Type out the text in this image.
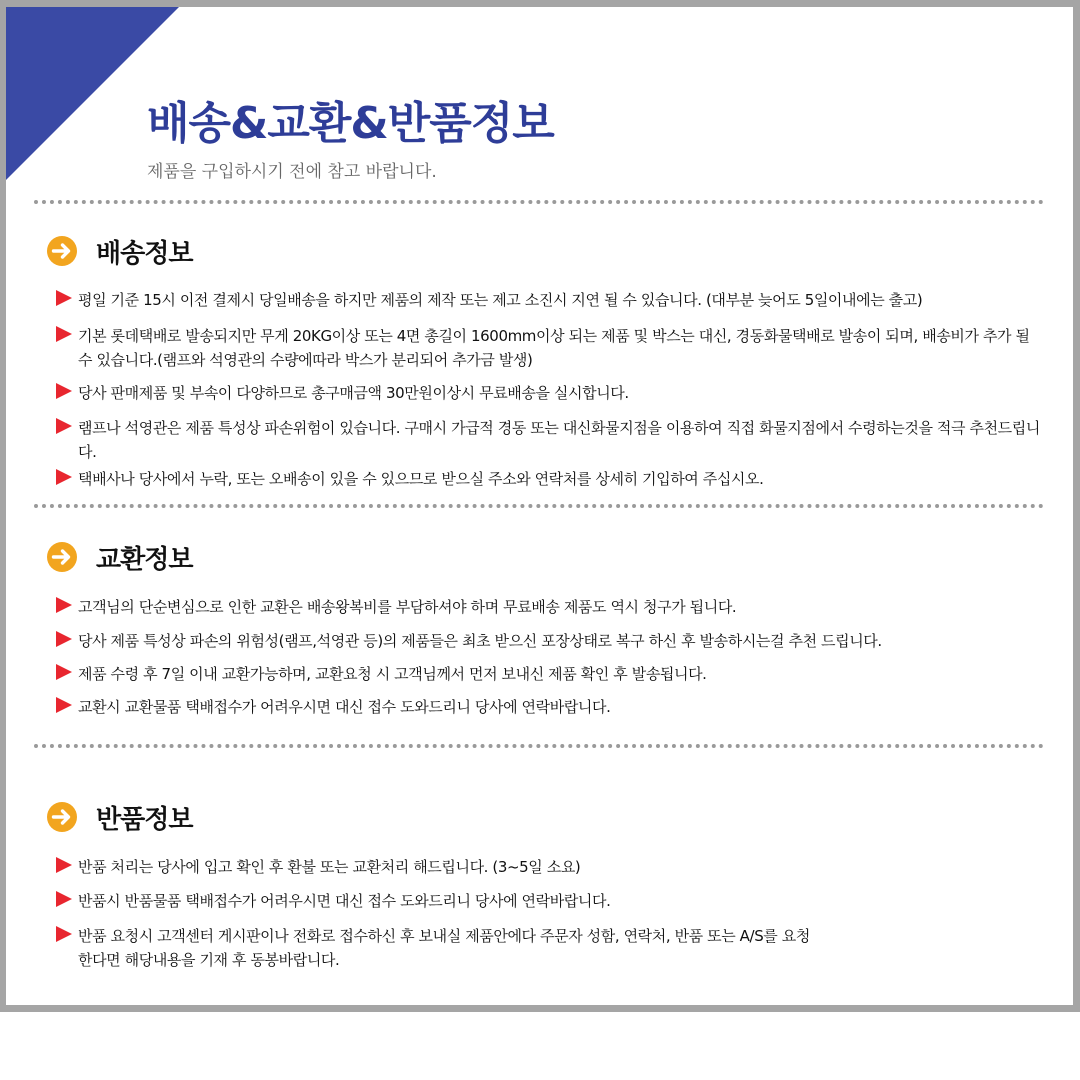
배송&교환&반품정보
제품을 구입하시기 전에 참고 바랍니다.
배송정보
평일 기준 15시 이전 결제시 당일배송을 하지만 제품의 제작 또는 제고 소진시 지연 될 수 있습니다. (대부분 늦어도 5일이내에는 출고)
기본 롯데택배로 발송되지만 무게 20KG이상 또는 4면 총길이 1600mm이상 되는 제품 및 박스는 대신, 경동화물택배로 발송이 되며, 배송비가 추가 될 수 있습니다.(램프와 석영관의 수량에따라 박스가 분리되어 추가금 발생)
당사 판매제품 및 부속이 다양하므로 총구매금액 30만원이상시 무료배송을 실시합니다.
램프나 석영관은 제품 특성상 파손위험이 있습니다. 구매시 가급적 경동 또는 대신화물지점을 이용하여 직접 화물지점에서 수령하는것을 적극 추천드립니다.
택배사나 당사에서 누락, 또는 오배송이 있을 수 있으므로 받으실 주소와 연락처를 상세히 기입하여 주십시오.
교환정보
고객님의 단순변심으로 인한 교환은 배송왕복비를 부담하셔야 하며 무료배송 제품도 역시 청구가 됩니다.
당사 제품 특성상 파손의 위험성(램프,석영관 등)의 제품들은 최초 받으신 포장상태로 복구 하신 후 발송하시는걸 추천 드립니다.
제품 수령 후 7일 이내 교환가능하며, 교환요청 시 고객님께서 먼저 보내신 제품 확인 후 발송됩니다.
교환시 교환물품 택배접수가 어려우시면 대신 접수 도와드리니 당사에 연락바랍니다.
반품정보
반품 처리는 당사에 입고 확인 후 환불 또는 교환처리 해드립니다. (3~5일 소요)
반품시 반품물품 택배접수가 어려우시면 대신 접수 도와드리니 당사에 연락바랍니다.
반품 요청시 고객센터 게시판이나 전화로 접수하신 후 보내실 제품안에다 주문자 성함, 연락처, 반품 또는 A/S를 요청한다면 해당내용을 기재 후 동봉바랍니다.
